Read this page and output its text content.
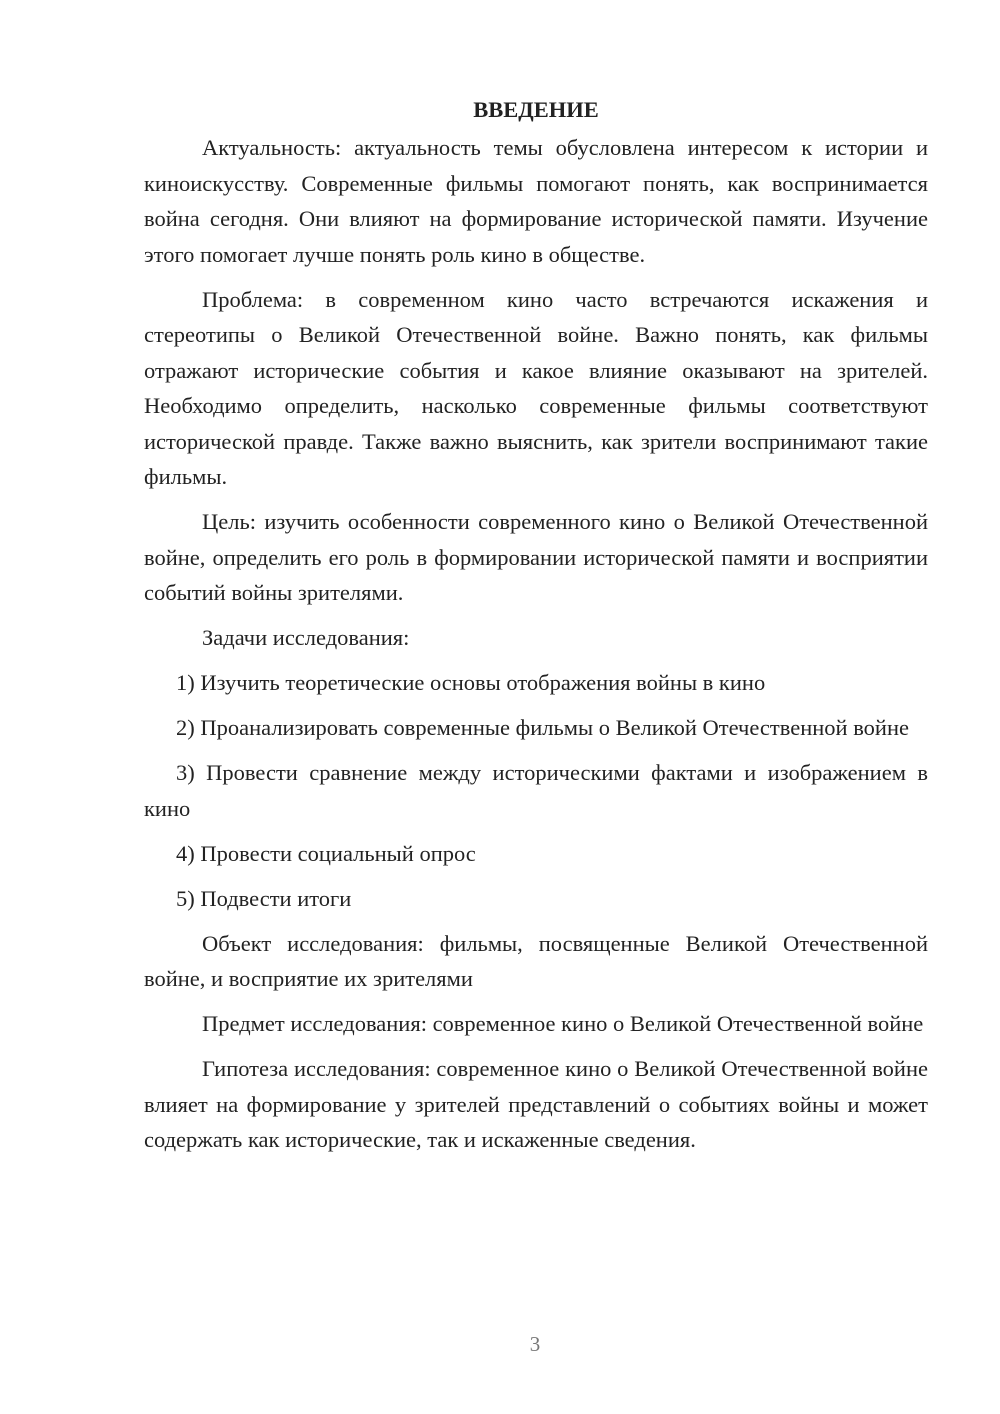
ВВЕДЕНИЕ
Актуальность: актуальность темы обусловлена интересом к истории и киноискусству. Современные фильмы помогают понять, как воспринимается война сегодня. Они влияют на формирование исторической памяти. Изучение этого помогает лучше понять роль кино в обществе.
Проблема: в современном кино часто встречаются искажения и стереотипы о Великой Отечественной войне. Важно понять, как фильмы отражают исторические события и какое влияние оказывают на зрителей. Необходимо определить, насколько современные фильмы соответствуют исторической правде. Также важно выяснить, как зрители воспринимают такие фильмы.
Цель: изучить особенности современного кино о Великой Отечественной войне, определить его роль в формировании исторической памяти и восприятии событий войны зрителями.
Задачи исследования:
1) Изучить теоретические основы отображения войны в кино
2) Проанализировать современные фильмы о Великой Отечественной войне
3) Провести сравнение между историческими фактами и изображением в кино
4) Провести социальный опрос
5) Подвести итоги
Объект исследования: фильмы, посвященные Великой Отечественной войне, и восприятие их зрителями
Предмет исследования: современное кино о Великой Отечественной войне
Гипотеза исследования: современное кино о Великой Отечественной войне влияет на формирование у зрителей представлений о событиях войны и может содержать как исторические, так и искаженные сведения.
3
